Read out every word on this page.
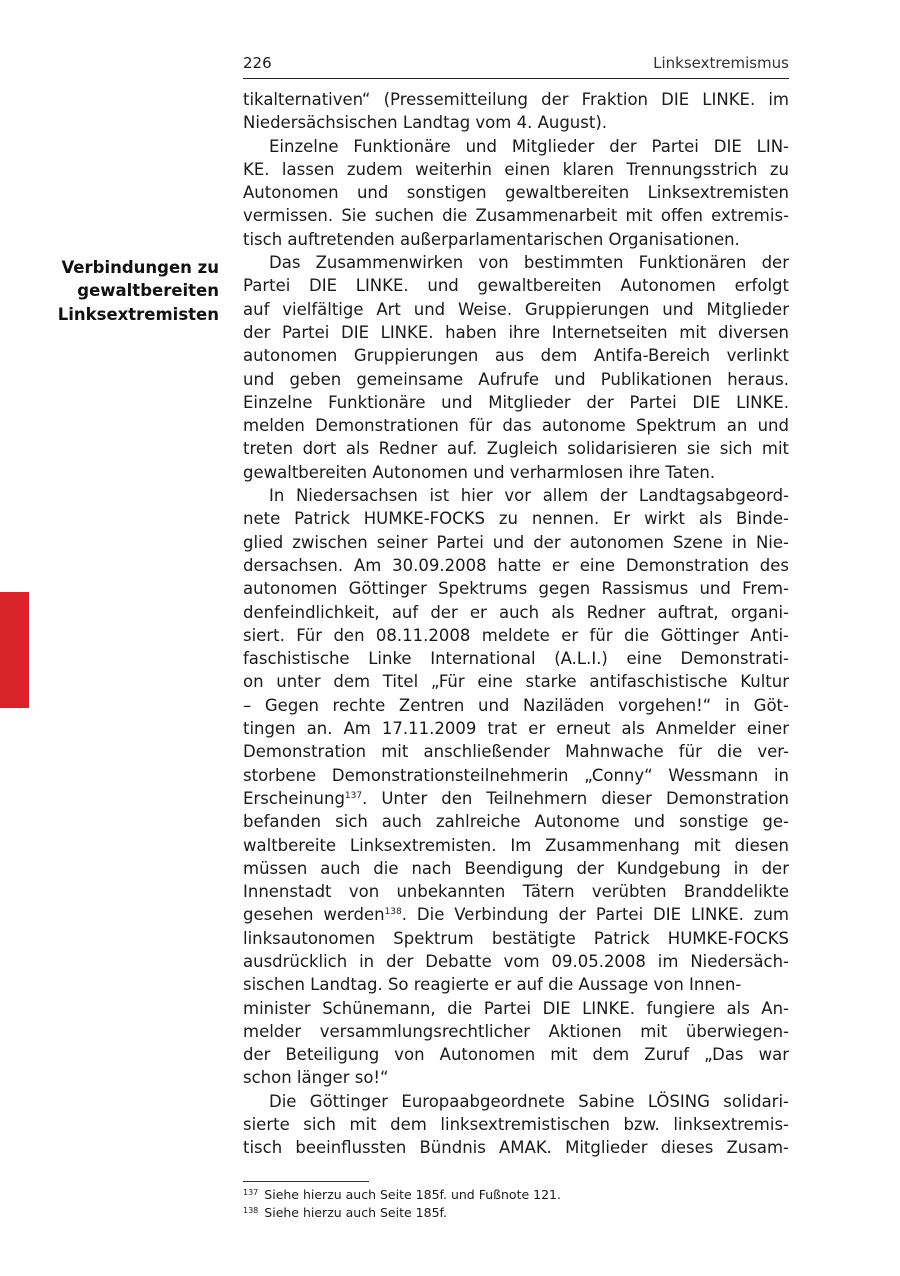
226	Linksextremismus
Verbindungen zu
gewaltbereiten
Linksextremisten
tikalternativen“ (Pressemitteilung der Fraktion DIE LINKE. im
Niedersächsischen Landtag vom 4. August).
Einzelne Funktionäre und Mitglieder der Partei DIE LIN-
KE. lassen zudem weiterhin einen klaren Trennungsstrich zu
Autonomen und sonstigen gewaltbereiten Linksextremisten
vermissen. Sie suchen die Zusammenarbeit mit offen extremis-
tisch auftretenden außerparlamentarischen Organisationen.
Das Zusammenwirken von bestimmten Funktionären der
Partei DIE LINKE. und gewaltbereiten Autonomen erfolgt
auf vielfältige Art und Weise. Gruppierungen und Mitglieder
der Partei DIE LINKE. haben ihre Internetseiten mit diversen
autonomen Gruppierungen aus dem Antifa-Bereich verlinkt
und geben gemeinsame Aufrufe und Publikationen heraus.
Einzelne Funktionäre und Mitglieder der Partei DIE LINKE.
melden Demonstrationen für das autonome Spektrum an und
treten dort als Redner auf. Zugleich solidarisieren sie sich mit
gewaltbereiten Autonomen und verharmlosen ihre Taten.
In Niedersachsen ist hier vor allem der Landtagsabgeord-
nete Patrick HUMKE-FOCKS zu nennen. Er wirkt als Binde-
glied zwischen seiner Partei und der autonomen Szene in Nie-
dersachsen. Am 30.09.2008 hatte er eine Demonstration des
autonomen Göttinger Spektrums gegen Rassismus und Frem-
denfeindlichkeit, auf der er auch als Redner auftrat, organi-
siert. Für den 08.11.2008 meldete er für die Göttinger Anti-
faschistische Linke International (A.L.I.) eine Demonstrati-
on unter dem Titel „Für eine starke antifaschistische Kultur
– Gegen rechte Zentren und Naziläden vorgehen!“ in Göt-
tingen an. Am 17.11.2009 trat er erneut als Anmelder einer
Demonstration mit anschließender Mahnwache für die ver-
storbene Demonstrationsteilnehmerin „Conny“ Wessmann in
Erscheinung$^{137}$. Unter den Teilnehmern dieser Demonstration
befanden sich auch zahlreiche Autonome und sonstige ge-
waltbereite Linksextremisten. Im Zusammenhang mit diesen
müssen auch die nach Beendigung der Kundgebung in der
Innenstadt von unbekannten Tätern verübten Branddelikte
gesehen werden$^{138}$. Die Verbindung der Partei DIE LINKE. zum
linksautonomen Spektrum bestätigte Patrick HUMKE-FOCKS
ausdrücklich in der Debatte vom 09.05.2008 im Niedersäch-
sischen Landtag. So reagierte er auf die Aussage von Innen-
minister Schünemann, die Partei DIE LINKE. fungiere als An-
melder versammlungsrechtlicher Aktionen mit überwiegen-
der Beteiligung von Autonomen mit dem Zuruf „Das war
schon länger so!“
Die Göttinger Europaabgeordnete Sabine LÖSING solidari-
sierte sich mit dem linksextremistischen bzw. linksextremis-
tisch beeinflussten Bündnis AMAK. Mitglieder dieses Zusam-
$^{137}$ Siehe hierzu auch Seite 185f. und Fußnote 121.
$^{138}$ Siehe hierzu auch Seite 185f.
